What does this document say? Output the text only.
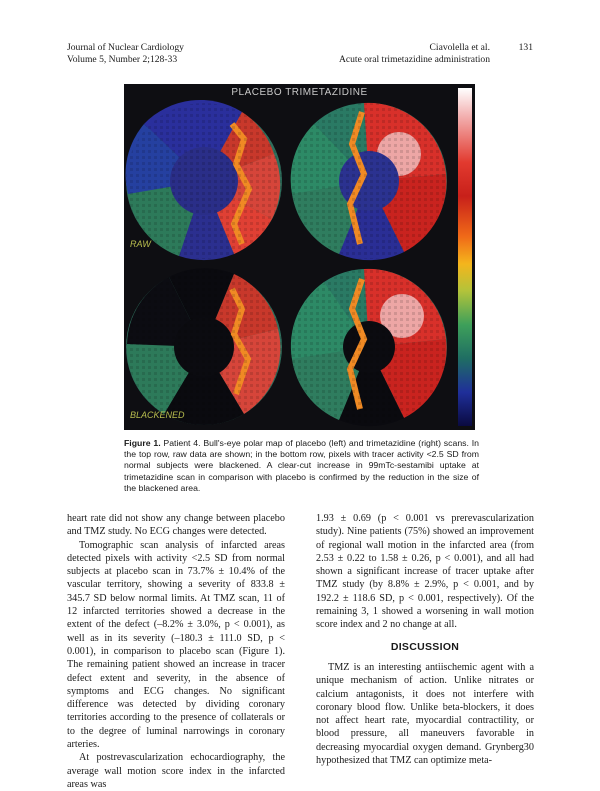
Journal of Nuclear Cardiology
Volume 5, Number 2;128-33
Ciavolella et al.
Acute oral trimetazidine administration
131
PLACEBO TRIMETAZIDINE
RAW
BLACKENED
Figure 1. Patient 4. Bull's-eye polar map of placebo (left) and trimetazidine (right) scans. In the top row, raw data are shown; in the bottom row, pixels with tracer activity <2.5 SD from normal subjects were blackened. A clear-cut increase in 99mTc-sestamibi uptake at trimetazidine scan in comparison with placebo is confirmed by the reduction in the size of the blackened area.

heart rate did not show any change between placebo and TMZ study. No ECG changes were detected.

Tomographic scan analysis of infarcted areas detected pixels with activity <2.5 SD from normal subjects at placebo scan in 73.7% ± 10.4% of the vascular territory, showing a severity of 833.8 ± 345.7 SD below normal limits. At TMZ scan, 11 of 12 infarcted territories showed a decrease in the extent of the defect (–8.2% ± 3.0%, p < 0.001), as well as in its severity (–180.3 ± 111.0 SD, p < 0.001), in comparison to placebo scan (Figure 1). The remaining patient showed an increase in tracer defect extent and severity, in the absence of symptoms and ECG changes. No significant difference was detected by dividing coronary territories according to the presence of collaterals or to the degree of luminal narrowings in coronary arteries.

At postrevascularization echocardiography, the average wall motion score index in the infarcted areas was

1.93 ± 0.69 (p < 0.001 vs prerevascularization study). Nine patients (75%) showed an improvement of regional wall motion in the infarcted area (from 2.53 ± 0.22 to 1.58 ± 0.26, p < 0.001), and all had shown a significant increase of tracer uptake after TMZ study (by 8.8% ± 2.9%, p < 0.001, and by 192.2 ± 118.6 SD, p < 0.001, respectively). Of the remaining 3, 1 showed a worsening in wall motion score index and 2 no change at all.

DISCUSSION

TMZ is an interesting antiischemic agent with a unique mechanism of action. Unlike nitrates or calcium antagonists, it does not interfere with coronary blood flow. Unlike beta-blockers, it does not affect heart rate, myocardial contractility, or blood pressure, all maneuvers favorable in decreasing myocardial oxygen demand. Grynberg30 hypothesized that TMZ can optimize meta-
